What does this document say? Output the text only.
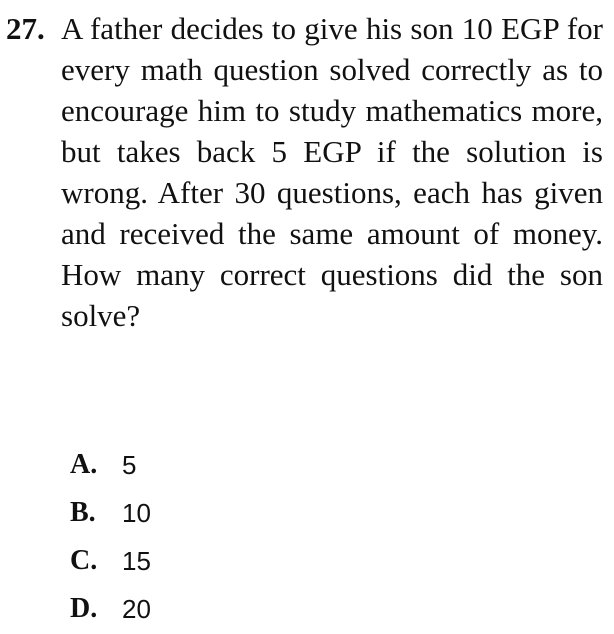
27. A father decides to give his son 10 EGP for every math question solved correctly as to encourage him to study mathematics more, but takes back 5 EGP if the solution is wrong. After 30 questions, each has given and received the same amount of money. How many correct questions did the son solve?
A. 5
B.	10
C. 15
D. 20
